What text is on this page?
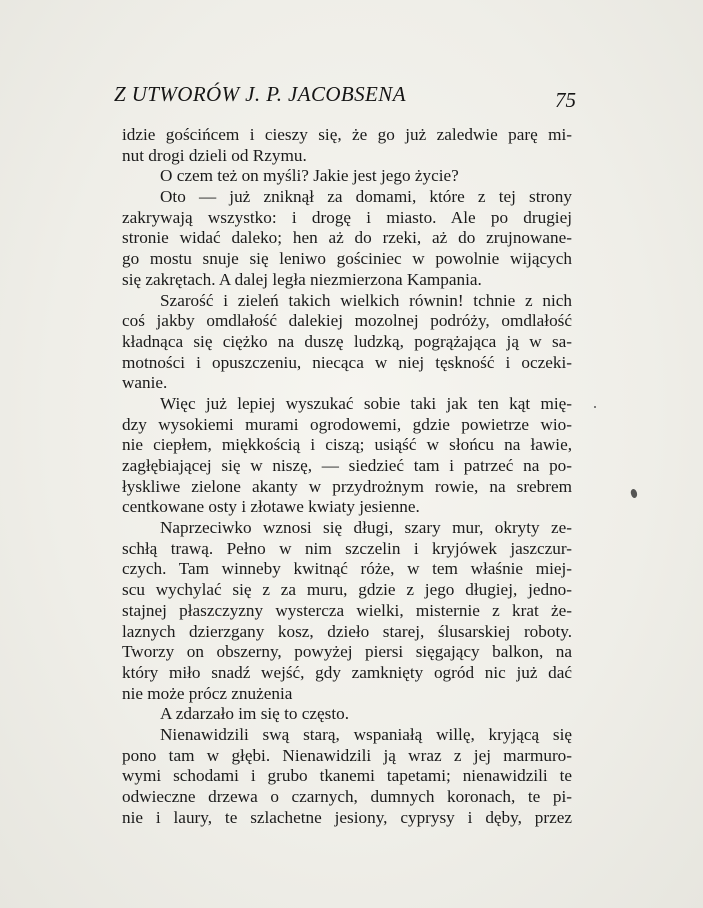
Z UTWORÓW J. P. JACOBSENA	75
idzie gościńcem i cieszy się, że go już zaledwie parę mi-
nut drogi dzieli od Rzymu.
O czem też on myśli? Jakie jest jego życie?
Oto — już zniknął za domami, które z tej strony
zakrywają wszystko: i drogę i miasto. Ale po drugiej
stronie widać daleko; hen aż do rzeki, aż do zrujnowane-
go mostu snuje się leniwo gościniec w powolnie wijących
się zakrętach. A dalej legła niezmierzona Kampania.
Szarość i zieleń takich wielkich równin! tchnie z nich
coś jakby omdlałość dalekiej mozolnej podróży, omdlałość
kładnąca się ciężko na duszę ludzką, pogrążająca ją w sa-
motności i opuszczeniu, niecąca w niej tęskność i oczeki-
wanie.
Więc już lepiej wyszukać sobie taki jak ten kąt mię-
dzy wysokiemi murami ogrodowemi, gdzie powietrze wio-
nie ciepłem, miękkością i ciszą; usiąść w słońcu na ławie,
zagłębiającej się w niszę, — siedzieć tam i patrzeć na po-
łyskliwe zielone akanty w przydrożnym rowie, na srebrem
centkowane osty i złotawe kwiaty jesienne.
Naprzeciwko wznosi się długi, szary mur, okryty ze-
schłą trawą. Pełno w nim szczelin i kryjówek jaszczur-
czych. Tam winneby kwitnąć róże, w tem właśnie miej-
scu wychylać się z za muru, gdzie z jego długiej, jedno-
stajnej płaszczyzny wystercza wielki, misternie z krat że-
laznych dzierzgany kosz, dzieło starej, ślusarskiej roboty.
Tworzy on obszerny, powyżej piersi sięgający balkon, na
który miło snadź wejść, gdy zamknięty ogród nic już dać
nie może prócz znużenia
A zdarzało im się to często.
Nienawidzili swą starą, wspaniałą willę, kryjącą się
pono tam w głębi. Nienawidzili ją wraz z jej marmuro-
wymi schodami i grubo tkanemi tapetami; nienawidzili te
odwieczne drzewa o czarnych, dumnych koronach, te pi-
nie i laury, te szlachetne jesiony, cyprysy i dęby, przez
